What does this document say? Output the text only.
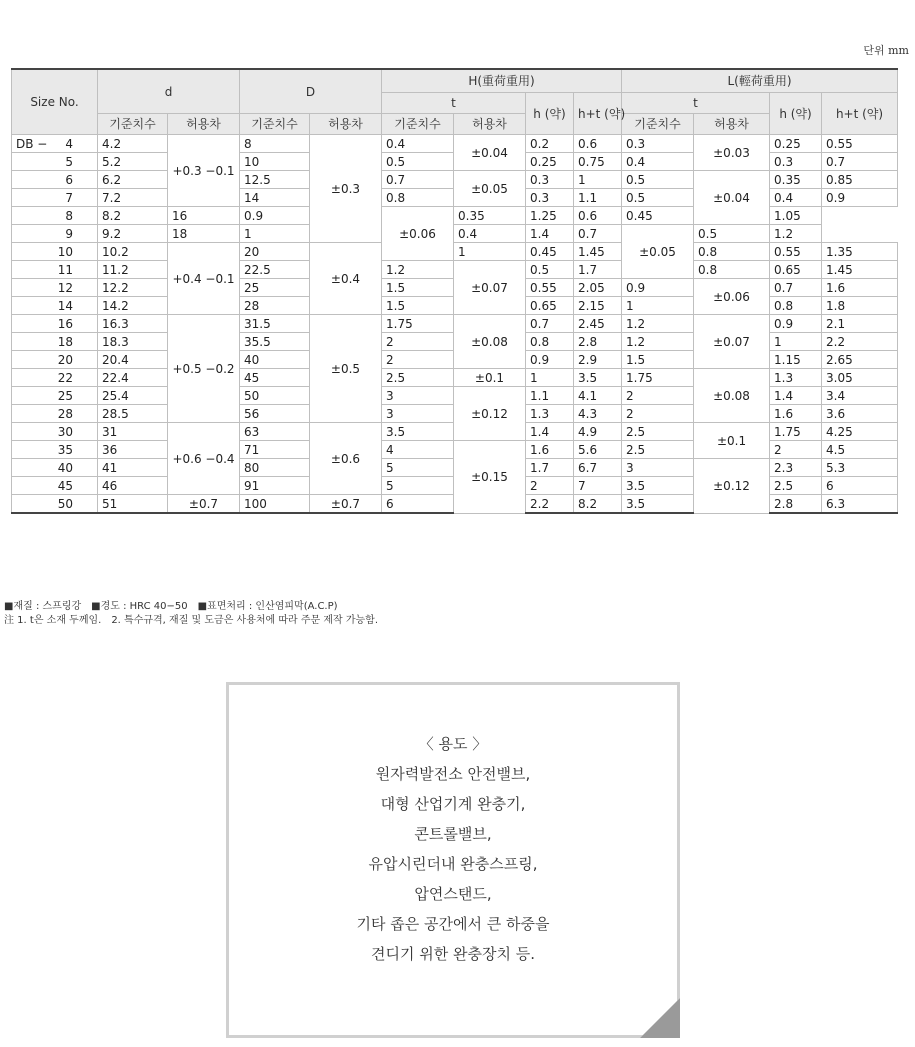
단위 mm
Size No.		d		D		H(重荷重用)				L(輕荷重用)			
						t		h (약)	h+t (약)	t		h (약)	h+t (약)
		기준치수	허용차	기준치수	허용차	기준치수	허용차			기준치수	허용차		
DB −	4	4.2	+0.3 −0.1	8	±0.3	0.4	±0.04	0.2	0.6	0.3	±0.03	0.25	0.55
	5	5.2		10		0.5		0.25	0.75	0.4		0.3	0.7
	6	6.2		12.5		0.7	±0.05	0.3	1	0.5	±0.04	0.35	0.85
	7	7.2		14		0.8		0.3	1.1	0.5		0.4	0.9
	8	8.2	16	0.9		±0.06	0.35	1.25	0.6	0.45		1.05	
	9	9.2	18	1			0.4	1.4	0.7	±0.05	0.5	1.2	
	10	10.2	+0.4 −0.1	20	±0.4		1	0.45	1.45		0.8	0.55	1.35
	11	11.2		22.5		1.2	±0.07	0.5	1.7		0.8	0.65	1.45
	12	12.2		25		1.5		0.55	2.05	0.9	±0.06	0.7	1.6
	14	14.2		28		1.5		0.65	2.15	1		0.8	1.8
	16	16.3	+0.5 −0.2	31.5	±0.5	1.75	±0.08	0.7	2.45	1.2	±0.07	0.9	2.1
	18	18.3		35.5		2		0.8	2.8	1.2		1	2.2
	20	20.4		40		2		0.9	2.9	1.5		1.15	2.65
	22	22.4		45		2.5	±0.1	1	3.5	1.75	±0.08	1.3	3.05
	25	25.4		50		3	±0.12	1.1	4.1	2		1.4	3.4
	28	28.5		56		3		1.3	4.3	2		1.6	3.6
	30	31	+0.6 −0.4	63	±0.6	3.5		1.4	4.9	2.5	±0.1	1.75	4.25
	35	36		71		4	±0.15	1.6	5.6	2.5		2	4.5
	40	41		80		5		1.7	6.7	3	±0.12	2.3	5.3
	45	46		91		5		2	7	3.5		2.5	6
	50	51	±0.7	100	±0.7	6		2.2	8.2	3.5		2.8	6.3
■재질 : 스프링강　■경도 : HRC 40−50　■표면처리 : 인산염피막(A.C.P)
注 1. t은 소재 두께임.　2. 특수규격, 재질 및 도금은 사용처에 따라 주문 제작 가능함.
〈 용도 〉
원자력발전소 안전밸브,
대형 산업기계 완충기,
콘트롤밸브,
유압시린더내 완충스프링,
압연스탠드,
기타 좁은 공간에서 큰 하중을
견디기 위한 완충장치 등.
